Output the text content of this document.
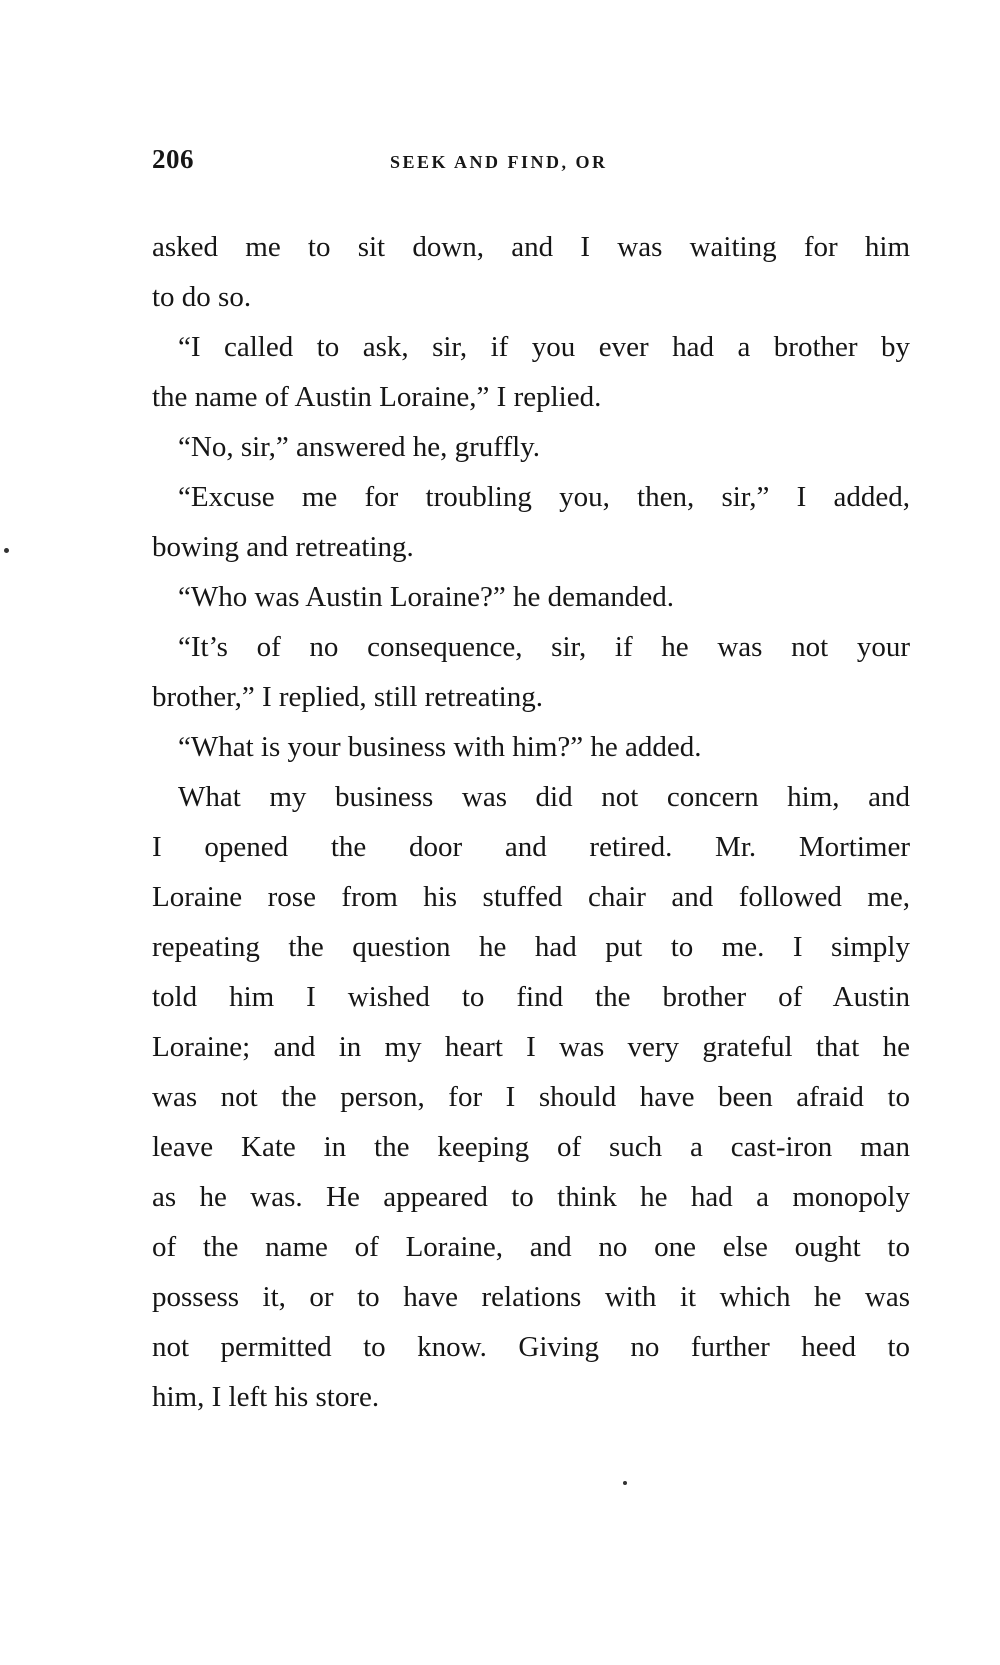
206	SEEK AND FIND, OR
asked me to sit down, and I was waiting for him
to do so.
“I called to ask, sir, if you ever had a brother by
the name of Austin Loraine,” I replied.
“No, sir,” answered he, gruffly.
“Excuse me for troubling you, then, sir,” I added,
bowing and retreating.
“Who was Austin Loraine?” he demanded.
“It’s of no consequence, sir, if he was not your
brother,” I replied, still retreating.
“What is your business with him?” he added.
What my business was did not concern him, and
I opened the door and retired. Mr. Mortimer
Loraine rose from his stuffed chair and followed me,
repeating the question he had put to me. I simply
told him I wished to find the brother of Austin
Loraine; and in my heart I was very grateful that he
was not the person, for I should have been afraid to
leave Kate in the keeping of such a cast-iron man
as he was. He appeared to think he had a monopoly
of the name of Loraine, and no one else ought to
possess it, or to have relations with it which he was
not permitted to know. Giving no further heed to
him, I left his store.
